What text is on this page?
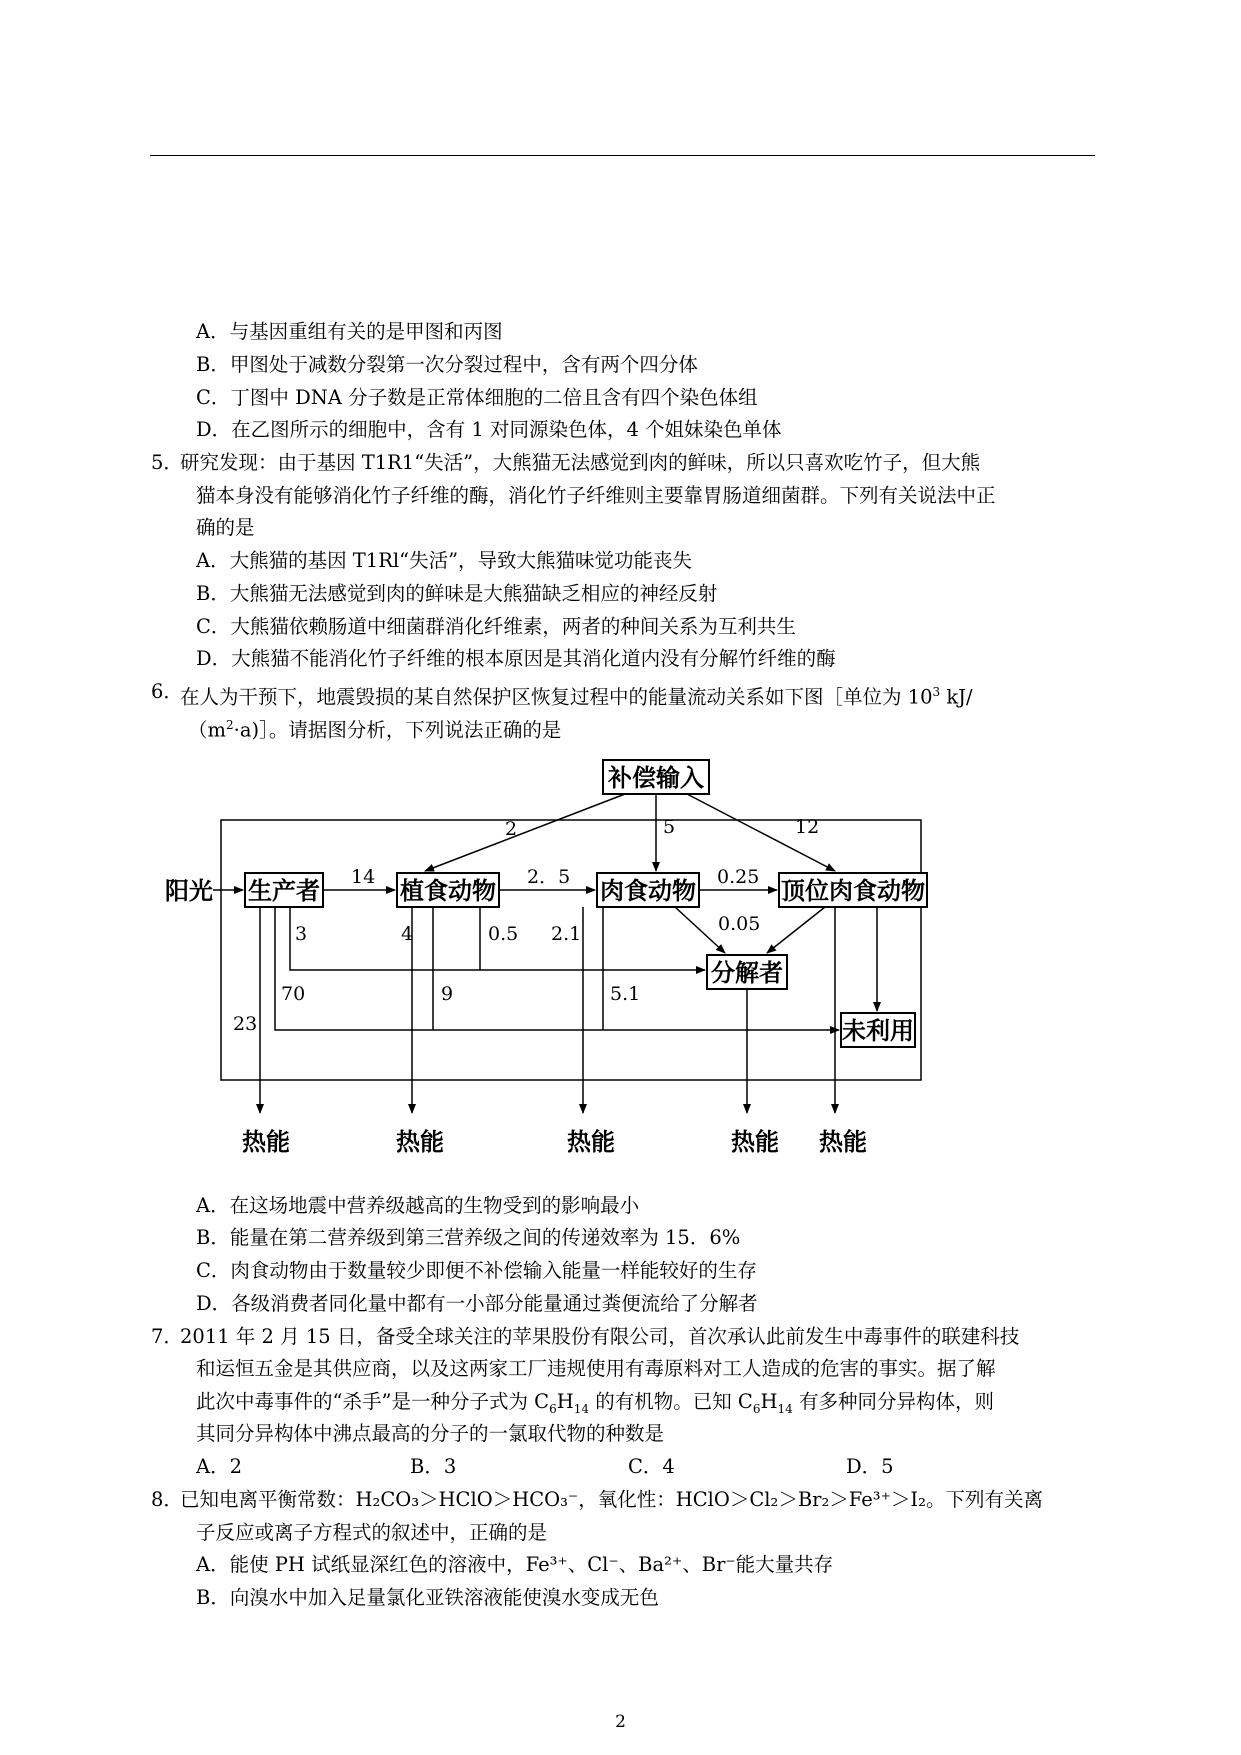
A．与基因重组有关的是甲图和丙图
B．甲图处于减数分裂第一次分裂过程中，含有两个四分体
C．丁图中 DNA 分子数是正常体细胞的二倍且含有四个染色体组
D．在乙图所示的细胞中，含有 1 对同源染色体，4 个姐妹染色单体
5．
研究发现：由于基因 T1R1“失活”，大熊猫无法感觉到肉的鲜味，所以只喜欢吃竹子，但大熊
猫本身没有能够消化竹子纤维的酶，消化竹子纤维则主要靠胃肠道细菌群。下列有关说法中正
确的是
A．大熊猫的基因 T1Rl“失活”，导致大熊猫味觉功能丧失
B．大熊猫无法感觉到肉的鲜味是大熊猫缺乏相应的神经反射
C．大熊猫依赖肠道中细菌群消化纤维素，两者的种间关系为互利共生
D．大熊猫不能消化竹子纤维的根本原因是其消化道内没有分解竹纤维的酶
6．
在人为干预下，地震毁损的某自然保护区恢复过程中的能量流动关系如下图［单位为 $10^3$ kJ/
$(m^2\cdot a)]$。请据图分析，下列说法正确的是
补偿输入
生产者	植食动物	肉食动物	顶位肉食动物
分解者
未利用
阳光	14	2．5	0.25
2	5	12
3	0.5	0.05
70	9	5.1
23
4	2.1
热能	热能	热能	热能 热能
A．在这场地震中营养级越高的生物受到的影响最小
B．能量在第二营养级到第三营养级之间的传递效率为 15．6%
C．肉食动物由于数量较少即便不补偿输入能量一样能较好的生存
D．各级消费者同化量中都有一小部分能量通过粪便流给了分解者
7．
2011 年 2 月 15 日，备受全球关注的苹果股份有限公司，首次承认此前发生中毒事件的联建科技
和运恒五金是其供应商，以及这两家工厂违规使用有毒原料对工人造成的危害的事实。据了解
此次中毒事件的“杀手”是一种分子式为 $C_6H_{14}$ 的有机物。已知 $C_6H_{14}$ 有多种同分异构体，则
其同分异构体中沸点最高的分子的一氯取代物的种数是
A．2	B．3	C．4	D．5
8．
已知电离平衡常数：H₂CO₃＞HClO＞HCO₃⁻，氧化性：HClO＞Cl₂＞Br₂＞Fe³⁺＞I₂。下列有关离
子反应或离子方程式的叙述中，正确的是
A．能使 PH 试纸显深红色的溶液中，Fe³⁺、Cl⁻、Ba²⁺、Br⁻能大量共存
B．向溴水中加入足量氯化亚铁溶液能使溴水变成无色
2
